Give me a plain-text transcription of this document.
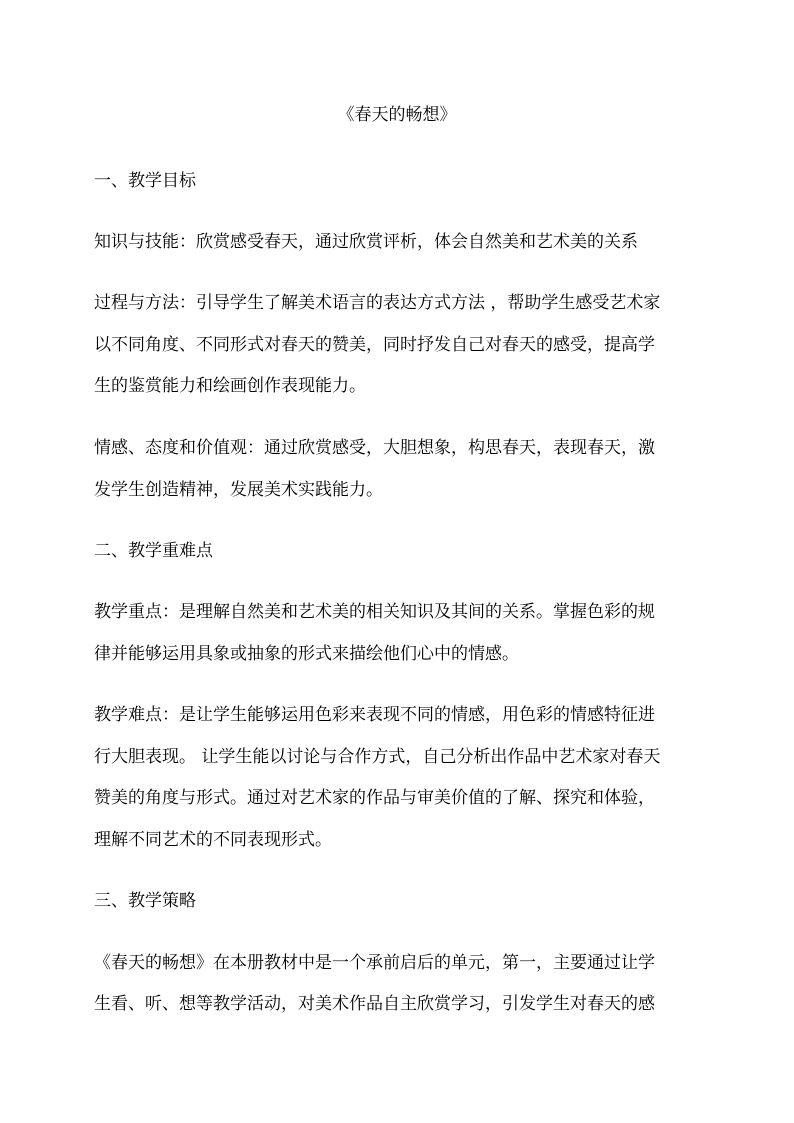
《春天的畅想》

一、教学目标

知识与技能：欣赏感受春天，通过欣赏评析，体会自然美和艺术美的关系

过程与方法：引导学生了解美术语言的表达方式方法 ，帮助学生感受艺术家

以不同角度、不同形式对春天的赞美，同时抒发自己对春天的感受，提高学

生的鉴赏能力和绘画创作表现能力。

情感、态度和价值观：通过欣赏感受，大胆想象，构思春天，表现春天，激

发学生创造精神，发展美术实践能力。

二、教学重难点

教学重点：是理解自然美和艺术美的相关知识及其间的关系。掌握色彩的规

律并能够运用具象或抽象的形式来描绘他们心中的情感。

教学难点：是让学生能够运用色彩来表现不同的情感，用色彩的情感特征进

行大胆表现。 让学生能以讨论与合作方式，自己分析出作品中艺术家对春天

赞美的角度与形式。通过对艺术家的作品与审美价值的了解、探究和体验，

理解不同艺术的不同表现形式。

三、教学策略

《春天的畅想》在本册教材中是一个承前启后的单元，第一，主要通过让学

生看、听、想等教学活动，对美术作品自主欣赏学习，引发学生对春天的感
